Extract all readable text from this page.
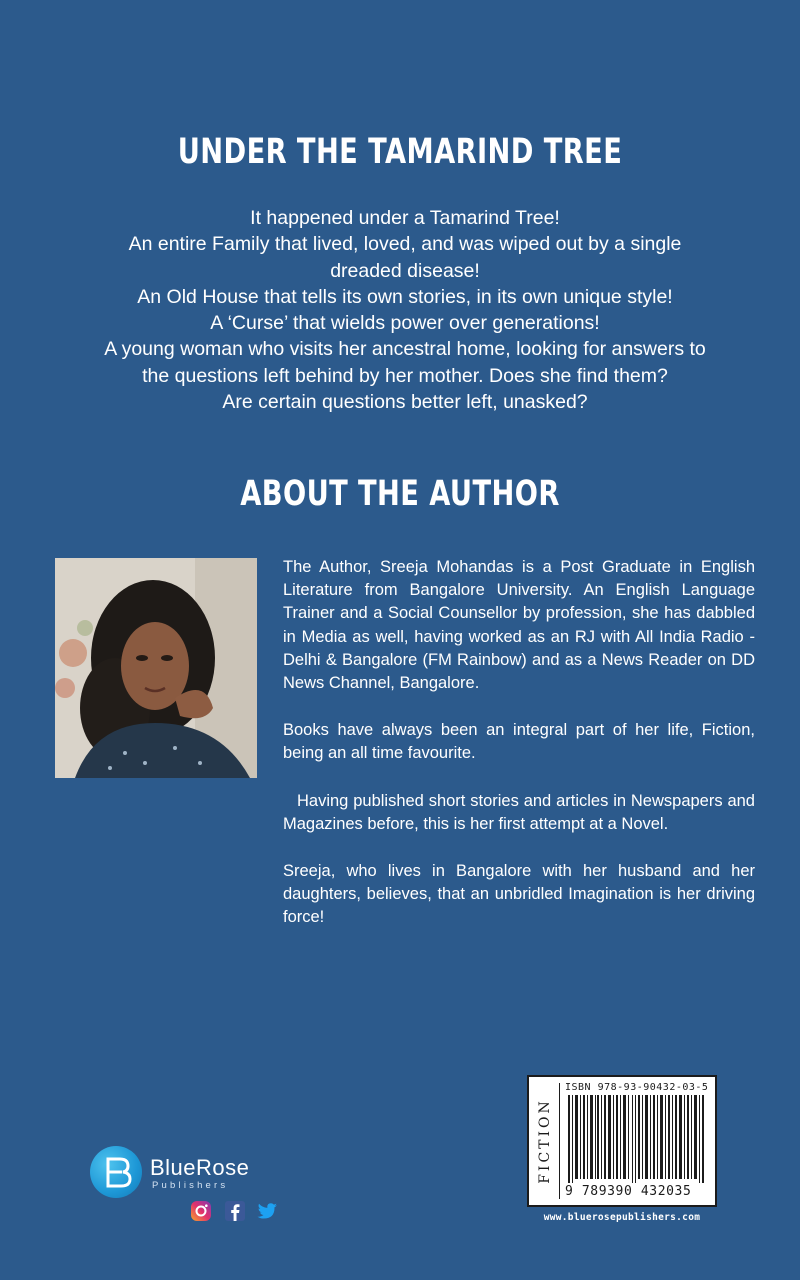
UNDER THE TAMARIND TREE
It happened under a Tamarind Tree!
An entire Family that lived, loved, and was wiped out by a single
dreaded disease!
An Old House that tells its own stories, in its own unique style!
A ‘Curse’ that wields power over generations!
A young woman who visits her ancestral home, looking for answers to
the questions left behind by her mother. Does she find them?
Are certain questions better left, unasked?
ABOUT THE AUTHOR

The Author, Sreeja Mohandas is a Post Graduate in English Literature from Bangalore University. An English Language Trainer and a Social Counsellor by profession, she has dabbled in Media as well, having worked as an RJ with All India Radio - Delhi & Bangalore (FM Rainbow) and as a News Reader on DD News Channel, Bangalore.

Books have always been an integral part of her life, Fiction, being an all time favourite.

Having published short stories and articles in Newspapers and Magazines before, this is her first attempt at a Novel.

Sreeja, who lives in Bangalore with her husband and her daughters, believes, that an unbridled Imagination is her driving force!

BlueRose
Publishers
FICTION
ISBN 978-93-90432-03-5
9 789390 432035
www.bluerosepublishers.com
